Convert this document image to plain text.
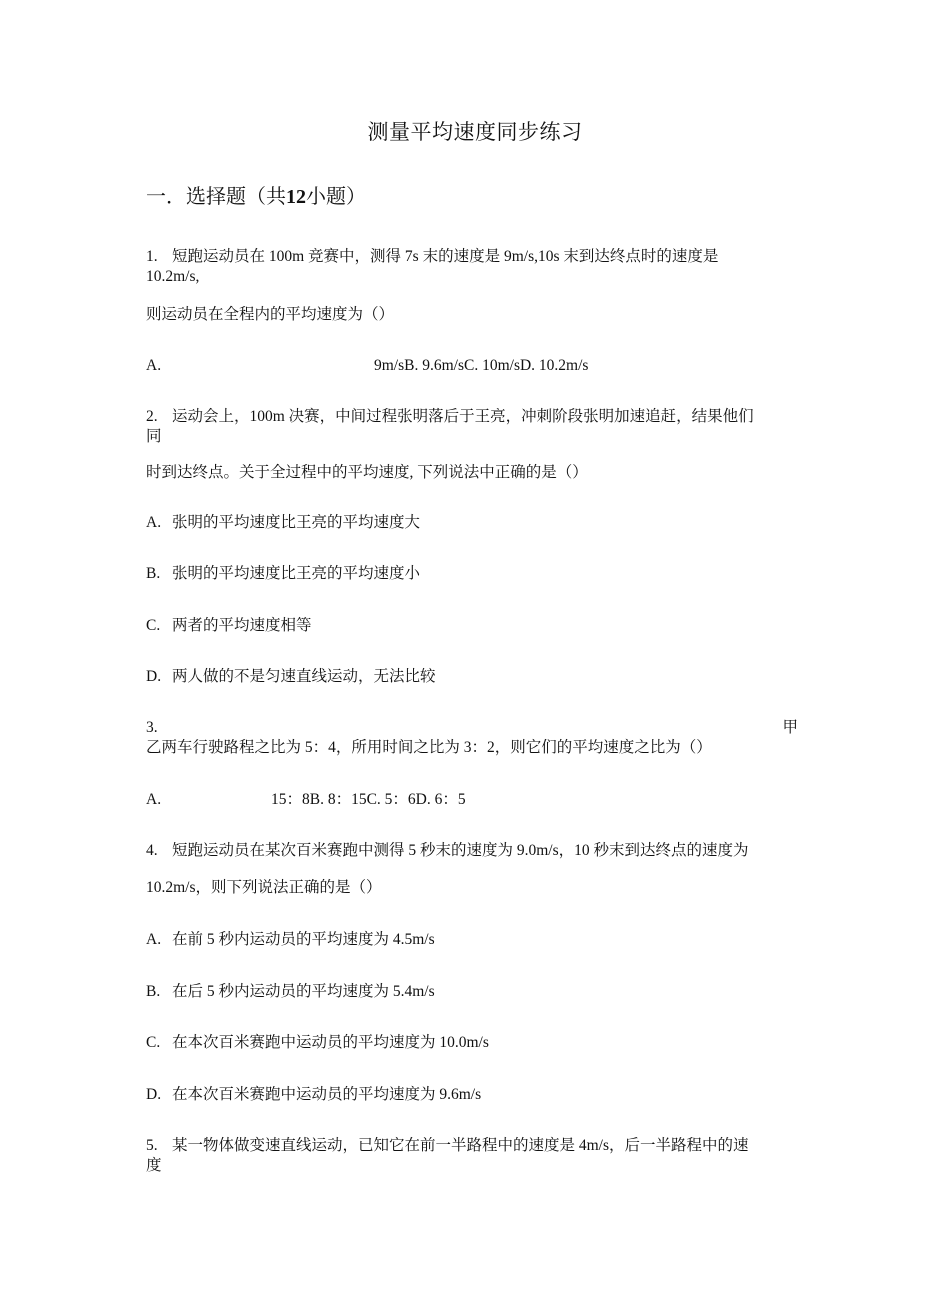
测量平均速度同步练习
一．选择题（共12小题）
1. 短跑运动员在 100m 竞赛中，测得 7s 末的速度是 9m/s,10s 末到达终点时的速度是
10.2m/s,
则运动员在全程内的平均速度为（）
A.	9m/sB. 9.6m/sC. 10m/sD. 10.2m/s
2. 运动会上，100m 决赛，中间过程张明落后于王亮，冲刺阶段张明加速追赶，结果他们
同
时到达终点。关于全过程中的平均速度, 下列说法中正确的是（）
A. 张明的平均速度比王亮的平均速度大
B. 张明的平均速度比王亮的平均速度小
C. 两者的平均速度相等
D. 两人做的不是匀速直线运动，无法比较
3.	甲
乙两车行驶路程之比为 5：4，所用时间之比为 3：2，则它们的平均速度之比为（）
A.	15：8B. 8：15C. 5：6D. 6：5
4. 短跑运动员在某次百米赛跑中测得 5 秒末的速度为 9.0m/s，10 秒末到达终点的速度为
10.2m/s，则下列说法正确的是（）
A. 在前 5 秒内运动员的平均速度为 4.5m/s
B. 在后 5 秒内运动员的平均速度为 5.4m/s
C. 在本次百米赛跑中运动员的平均速度为 10.0m/s
D. 在本次百米赛跑中运动员的平均速度为 9.6m/s
5. 某一物体做变速直线运动，已知它在前一半路程中的速度是 4m/s，后一半路程中的速
度
